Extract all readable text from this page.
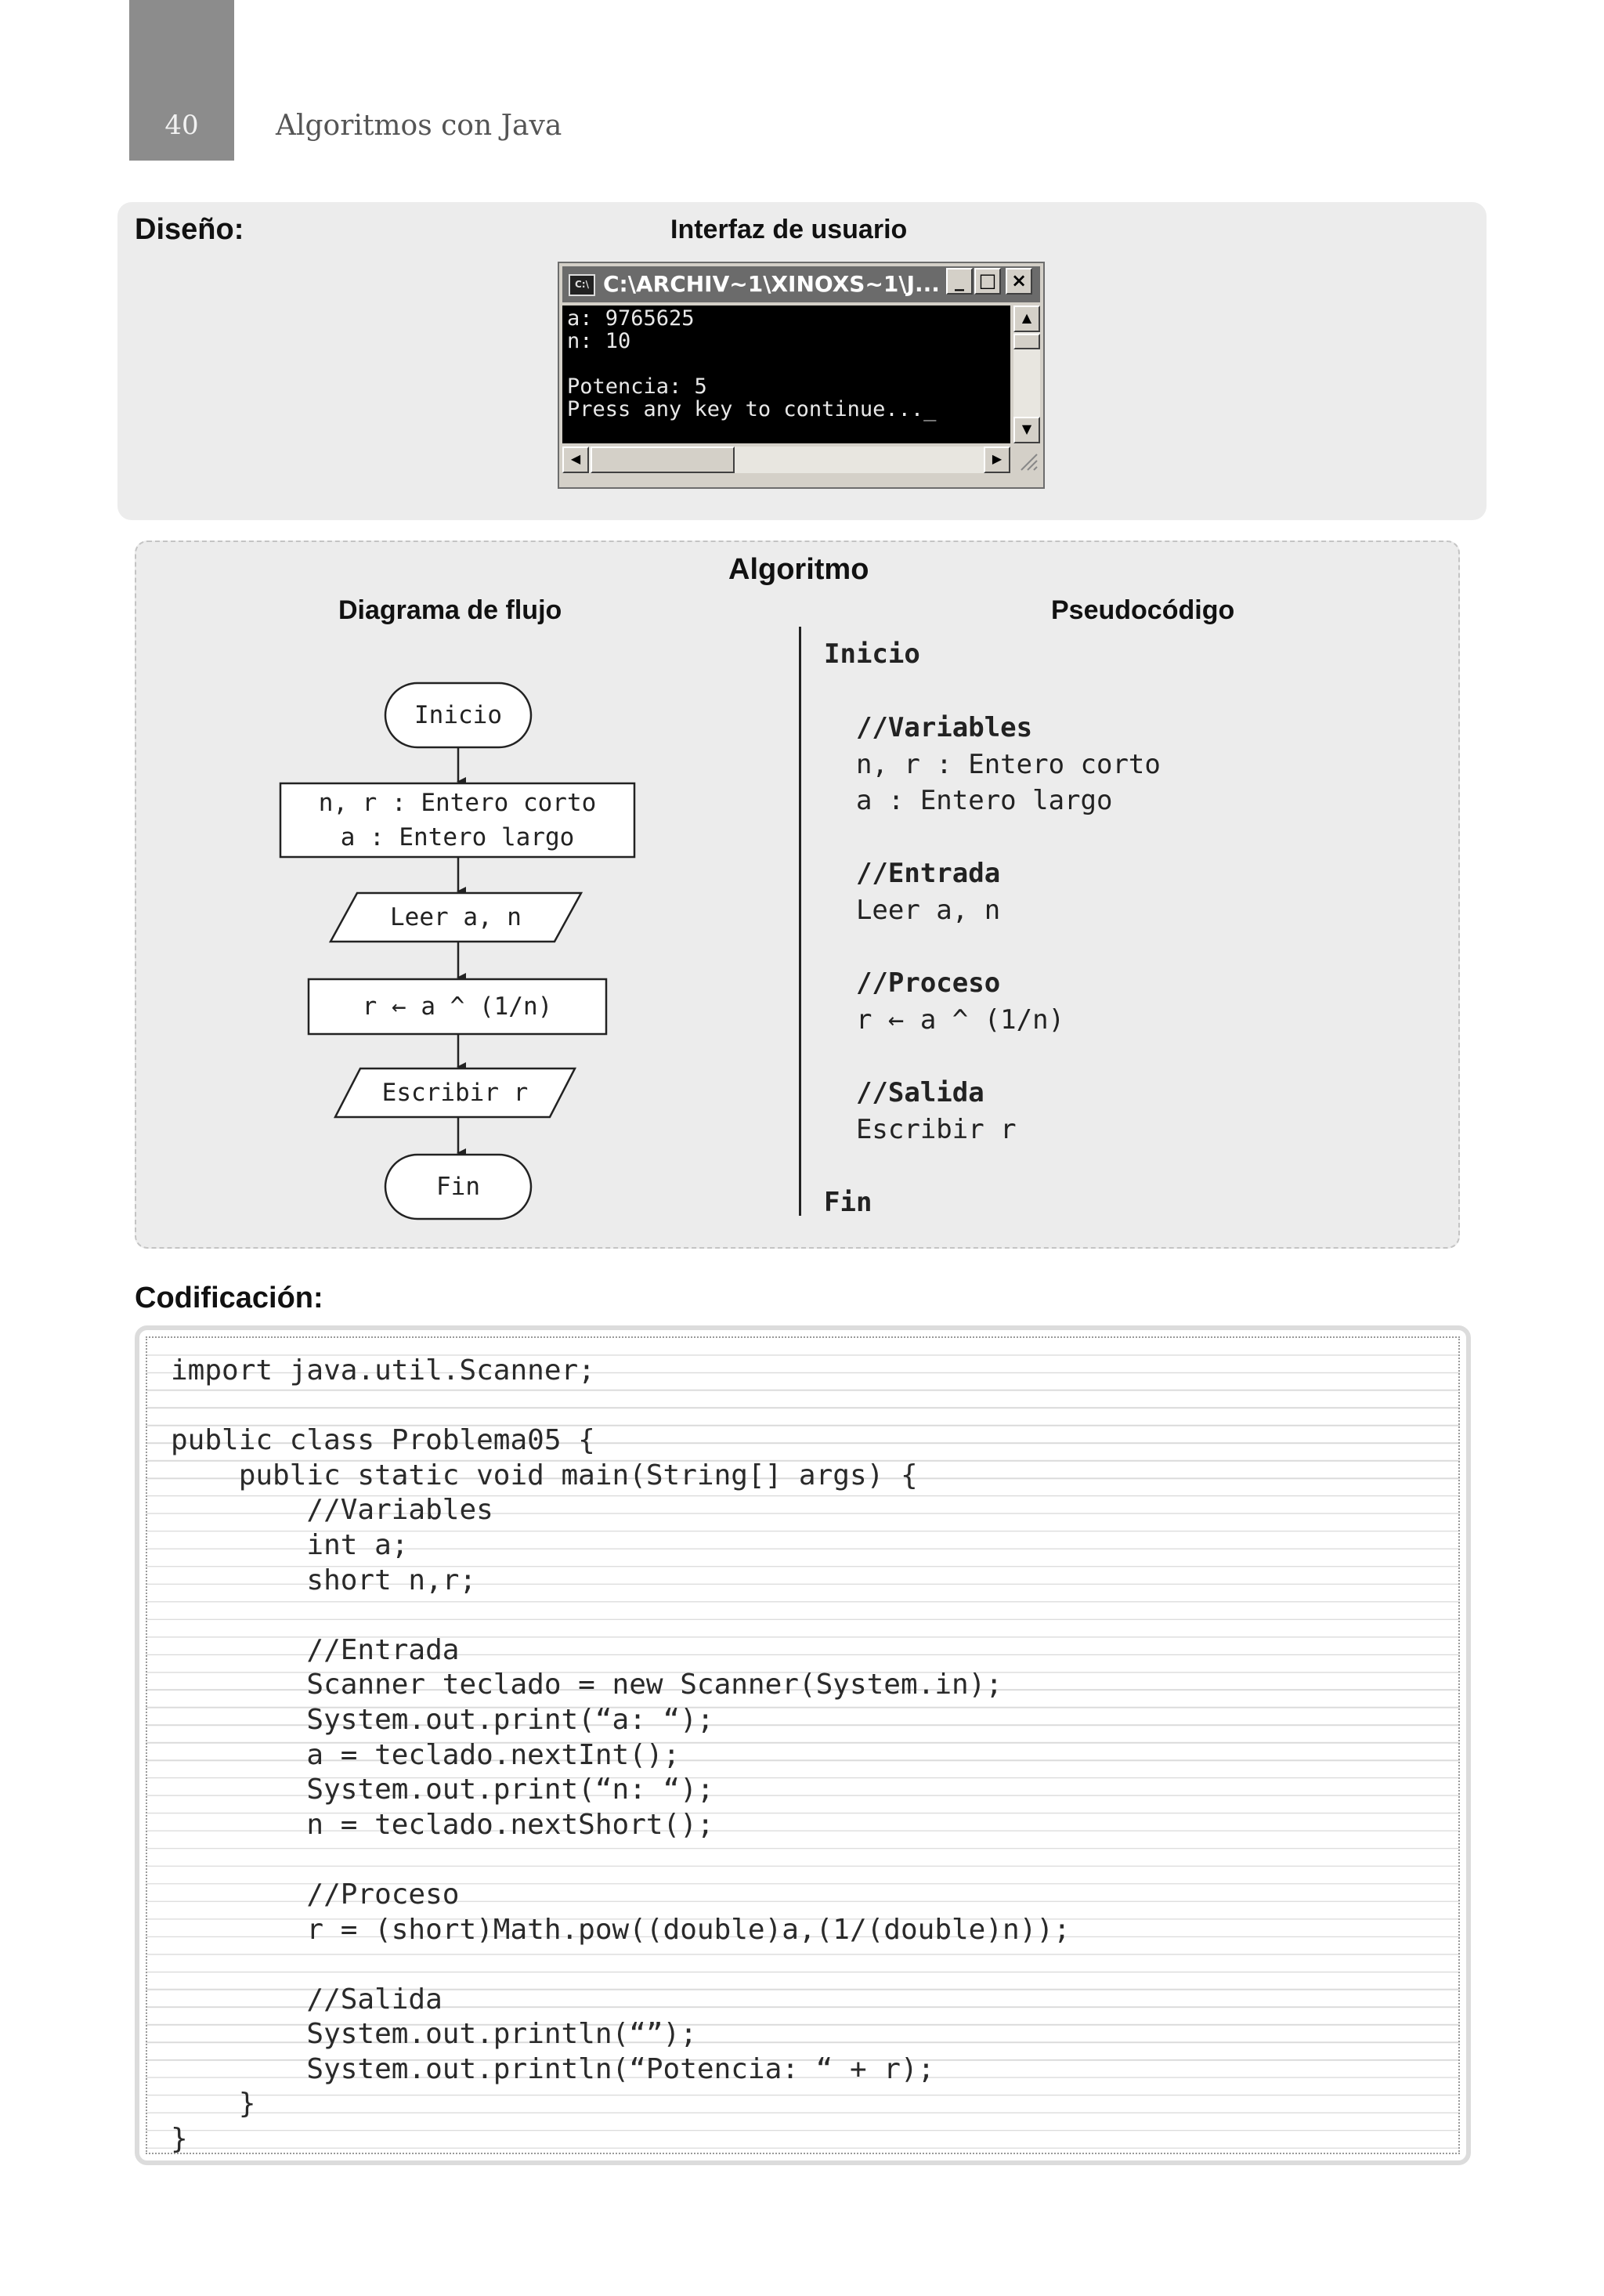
40	Algoritmos con Java
Diseño:	Interfaz de usuario
C:\ C:\ARCHIV~1\XINOXS~1\J... _ □ ×
a: 9765625
n: 10
Potencia: 5
Press any key to continue..._
▲
▼
◀	▶
Algoritmo
Diagrama de flujo	Pseudocódigo
Inicio
n, r : Entero corto
a : Entero largo
Leer a, n
r ← a ^ (1/n)
Escribir r
Fin
Inicio
//Variables
n, r : Entero corto
a : Entero largo
//Entrada
Leer a, n
//Proceso
r ← a ^ (1/n)
//Salida
Escribir r
Fin
Codificación:
import java.util.Scanner;
public class Problema05 {
public static void main(String[] args) {
//Variables
int a;
short n,r;
//Entrada
Scanner teclado = new Scanner(System.in);
System.out.print(“a: “);
a = teclado.nextInt();
System.out.print(“n: “);
n = teclado.nextShort();
//Proceso
r = (short)Math.pow((double)a,(1/(double)n));
//Salida
System.out.println(“”);
System.out.println(“Potencia: “ + r);
}
}
